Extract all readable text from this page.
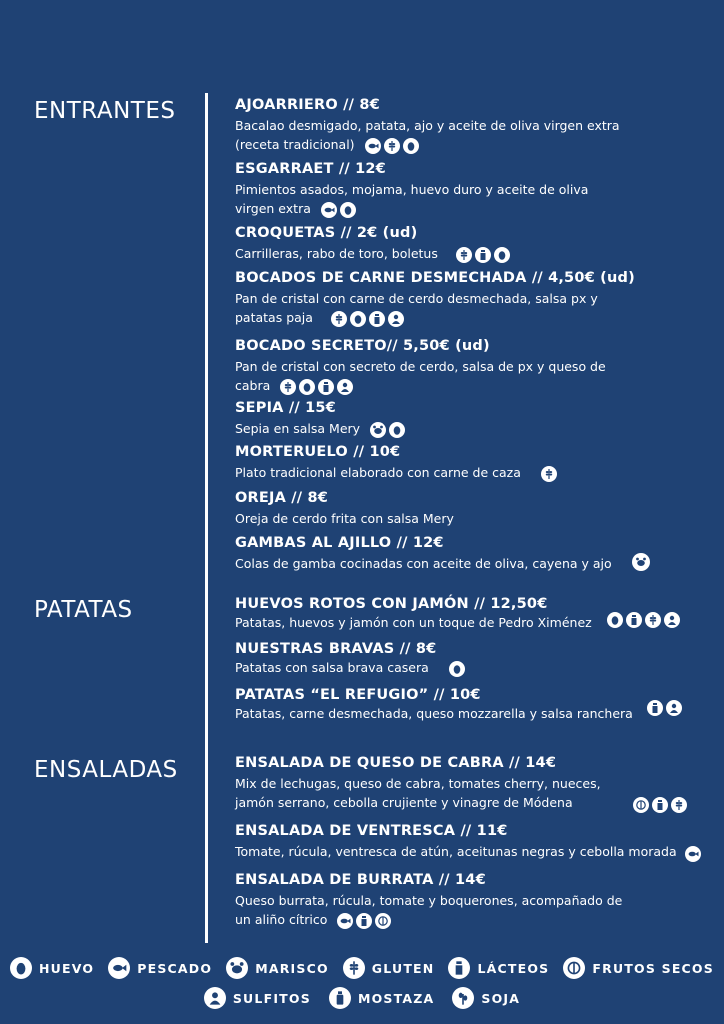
ENTRANTES
PATATAS
ENSALADAS
AJOARRIERO // 8€
Bacalao desmigado, patata, ajo y aceite de oliva virgen extra
(receta tradicional)
ESGARRAET // 12€
Pimientos asados, mojama, huevo duro y aceite de oliva
virgen extra
CROQUETAS // 2€ (ud)
Carrilleras, rabo de toro, boletus
BOCADOS DE CARNE DESMECHADA // 4,50€ (ud)
Pan de cristal con carne de cerdo desmechada, salsa px y
patatas paja
BOCADO SECRETO// 5,50€ (ud)
Pan de cristal con secreto de cerdo, salsa de px y queso de
cabra
SEPIA // 15€
Sepia en salsa Mery
MORTERUELO // 10€
Plato tradicional elaborado con carne de caza
OREJA // 8€
Oreja de cerdo frita con salsa Mery
GAMBAS AL AJILLO // 12€
Colas de gamba cocinadas con aceite de oliva, cayena y ajo
HUEVOS ROTOS CON JAMÓN // 12,50€
Patatas, huevos y jamón con un toque de Pedro Ximénez
NUESTRAS BRAVAS // 8€
Patatas con salsa brava casera
PATATAS “EL REFUGIO” // 10€
Patatas, carne desmechada, queso mozzarella y salsa ranchera
ENSALADA DE QUESO DE CABRA // 14€
Mix de lechugas, queso de cabra, tomates cherry, nueces,
jamón serrano, cebolla crujiente y vinagre de Módena
ENSALADA DE VENTRESCA // 11€
Tomate, rúcula, ventresca de atún, aceitunas negras y cebolla morada
ENSALADA DE BURRATA // 14€
Queso burrata, rúcula, tomate y boquerones, acompañado de
un aliño cítrico
HUEVO	PESCADO	MARISCO	GLUTEN	LÁCTEOS	FRUTOS SECOS
SULFITOS	MOSTAZA	SOJA
